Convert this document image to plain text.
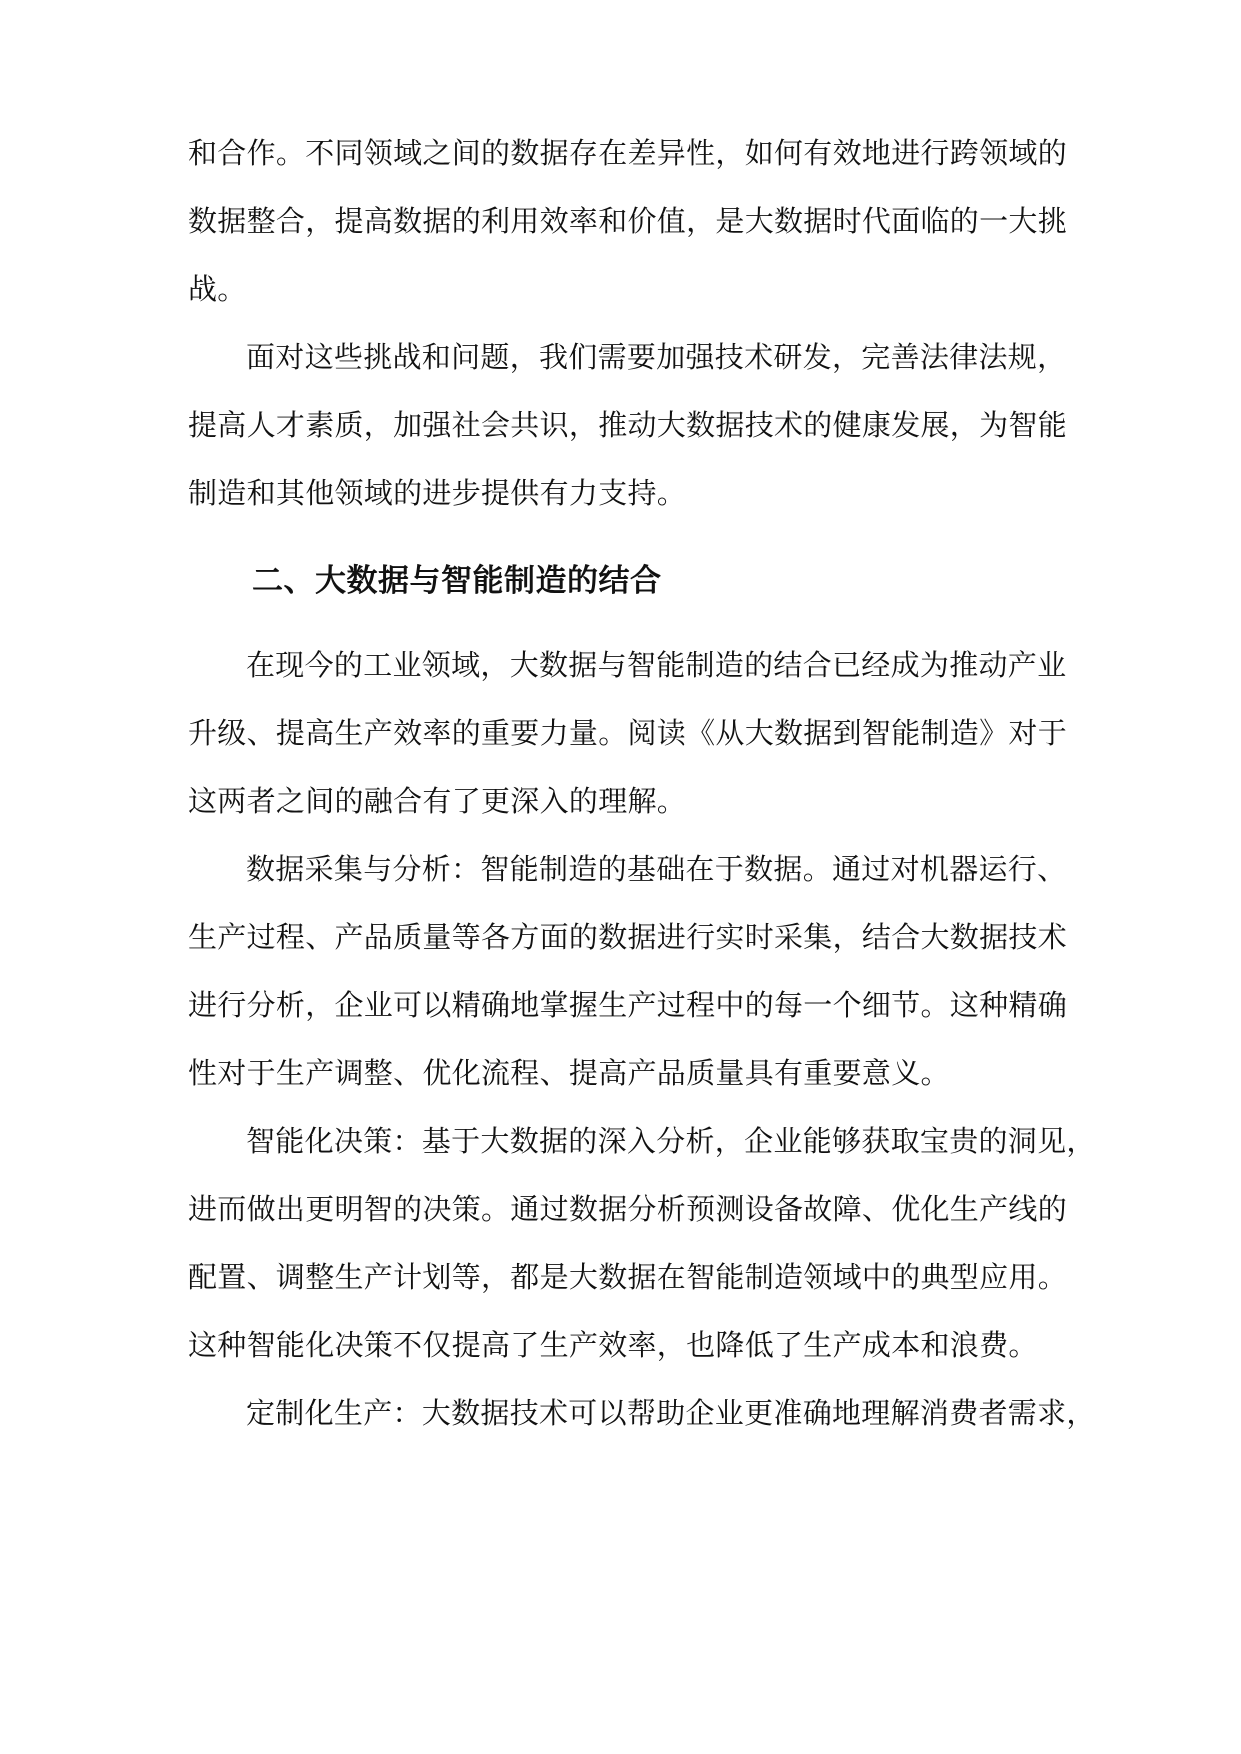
和合作。不同领域之间的数据存在差异性，如何有效地进行跨领域的
数据整合，提高数据的利用效率和价值，是大数据时代面临的一大挑
战。
面对这些挑战和问题，我们需要加强技术研发，完善法律法规，
提高人才素质，加强社会共识，推动大数据技术的健康发展，为智能
制造和其他领域的进步提供有力支持。
二、大数据与智能制造的结合
在现今的工业领域，大数据与智能制造的结合已经成为推动产业
升级、提高生产效率的重要力量。阅读《从大数据到智能制造》对于
这两者之间的融合有了更深入的理解。
数据采集与分析：智能制造的基础在于数据。通过对机器运行、
生产过程、产品质量等各方面的数据进行实时采集，结合大数据技术
进行分析，企业可以精确地掌握生产过程中的每一个细节。这种精确
性对于生产调整、优化流程、提高产品质量具有重要意义。
智能化决策：基于大数据的深入分析，企业能够获取宝贵的洞见，
进而做出更明智的决策。通过数据分析预测设备故障、优化生产线的
配置、调整生产计划等，都是大数据在智能制造领域中的典型应用。
这种智能化决策不仅提高了生产效率，也降低了生产成本和浪费。
定制化生产：大数据技术可以帮助企业更准确地理解消费者需求，
